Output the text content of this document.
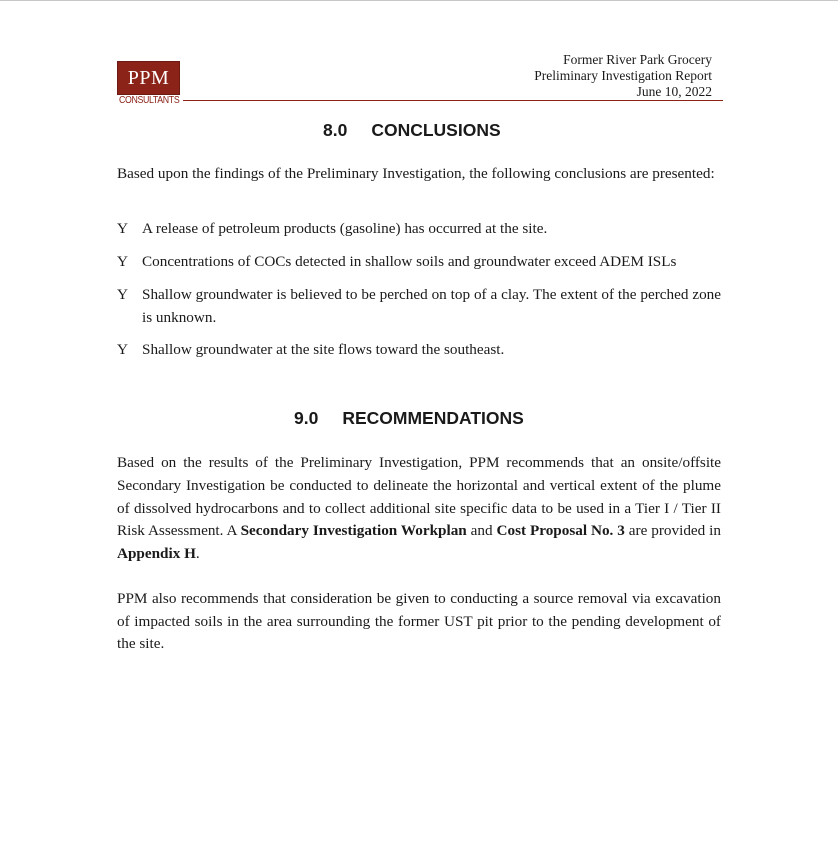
PPM
CONSULTANTS
Former River Park Grocery
Preliminary Investigation Report
June 10, 2022
8.0 CONCLUSIONS
Based upon the findings of the Preliminary Investigation, the following conclusions are presented:
Y A release of petroleum products (gasoline) has occurred at the site.
Y Concentrations of COCs detected in shallow soils and groundwater exceed ADEM ISLs
Y Shallow groundwater is believed to be perched on top of a clay. The extent of the perched zone is unknown.
Y Shallow groundwater at the site flows toward the southeast.
9.0 RECOMMENDATIONS
Based on the results of the Preliminary Investigation, PPM recommends that an onsite/offsite Secondary Investigation be conducted to delineate the horizontal and vertical extent of the plume of dissolved hydrocarbons and to collect additional site specific data to be used in a Tier I / Tier II Risk Assessment. A Secondary Investigation Workplan and Cost Proposal No. 3 are provided in Appendix H.
PPM also recommends that consideration be given to conducting a source removal via excavation of impacted soils in the area surrounding the former UST pit prior to the pending development of the site.
